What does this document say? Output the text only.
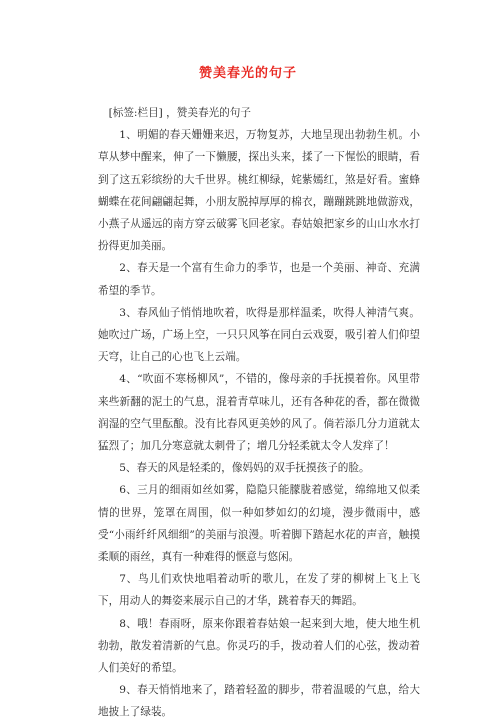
赞美春光的句子

[标签:栏目] ，赞美春光的句子

1、明媚的春天姗姗来迟，万物复苏，大地呈现出勃勃生机。小草从梦中醒来，伸了一下懒腰，探出头来，揉了一下惺忪的眼睛，看到了这五彩缤纷的大千世界。桃红柳绿，姹紫嫣红，煞是好看。蜜蜂蝴蝶在花间翩翩起舞，小朋友脱掉厚厚的棉衣，蹦蹦跳跳地做游戏，小燕子从遥远的南方穿云破雾飞回老家。春姑娘把家乡的山山水水打扮得更加美丽。

2、春天是一个富有生命力的季节，也是一个美丽、神奇、充满希望的季节。

3、春风仙子悄悄地吹着，吹得是那样温柔，吹得人神清气爽。她吹过广场，广场上空，一只只风筝在同白云戏耍，吸引着人们仰望天穹，让自己的心也飞上云端。

4、“吹面不寒杨柳风”，不错的，像母亲的手抚摸着你。风里带来些新翻的泥土的气息，混着青草味儿，还有各种花的香，都在微微润湿的空气里酝酿。没有比春风更美妙的风了。倘若添几分力道就太猛烈了；加几分寒意就太刺骨了；增几分轻柔就太令人发痒了！

5、春天的风是轻柔的，像妈妈的双手抚摸孩子的脸。

6、三月的细雨如丝如雾，隐隐只能朦胧着感觉，绵绵地又似柔情的世界，笼罩在周围，似一种如梦如幻的幻境，漫步微雨中，感受“小雨纤纤风细细”的美丽与浪漫。听着脚下踏起水花的声音，触摸柔顺的雨丝，真有一种难得的惬意与悠闲。

7、鸟儿们欢快地唱着动听的歌儿，在发了芽的柳树上飞上飞下，用动人的舞姿来展示自己的才华，跳着春天的舞蹈。

8、哦！春雨呀，原来你跟着春姑娘一起来到大地，使大地生机勃勃，散发着清新的气息。你灵巧的手，拨动着人们的心弦，拨动着人们美好的希望。

9、春天悄悄地来了，踏着轻盈的脚步，带着温暖的气息，给大地披上了绿装。
